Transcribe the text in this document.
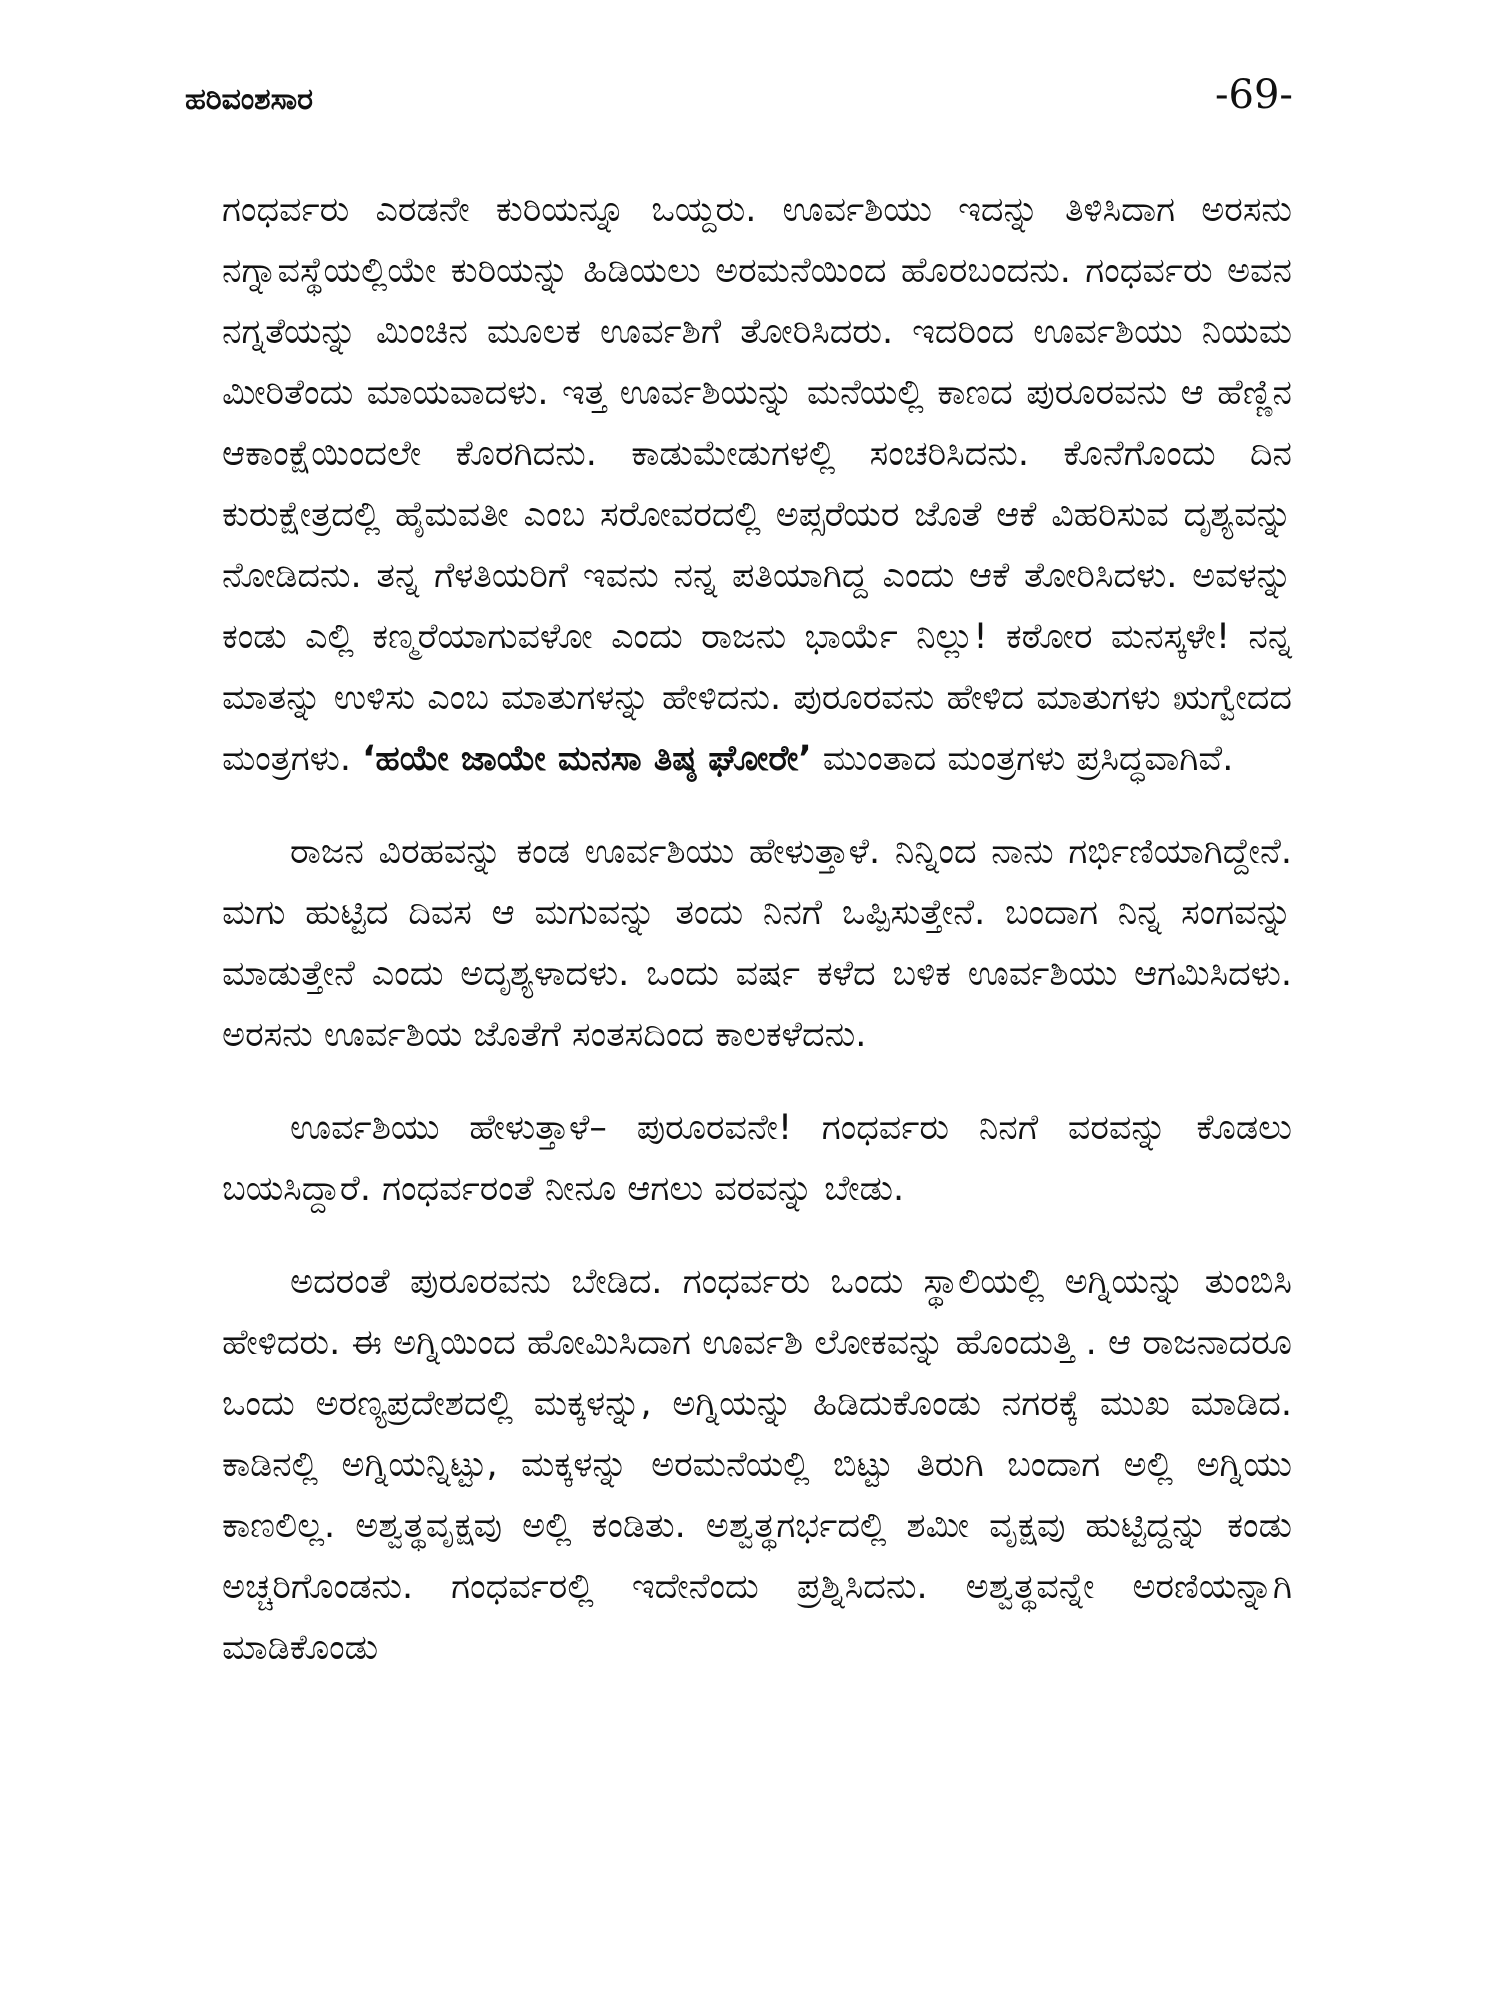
ಹರಿವಂಶಸಾರ	-69-

ಗಂಧರ್ವರು ಎರಡನೇ ಕುರಿಯನ್ನೂ ಒಯ್ದರು. ಊರ್ವಶಿಯು ಇದನ್ನು ತಿಳಿಸಿದಾಗ ಅರಸನು ನಗ್ನಾವಸ್ಥೆಯಲ್ಲಿಯೇ ಕುರಿಯನ್ನು ಹಿಡಿಯಲು ಅರಮನೆಯಿಂದ ಹೊರಬಂದನು. ಗಂಧರ್ವರು ಅವನ ನಗ್ನತೆಯನ್ನು ಮಿಂಚಿನ ಮೂಲಕ ಊರ್ವಶಿಗೆ ತೋರಿಸಿದರು. ಇದರಿಂದ ಊರ್ವಶಿಯು ನಿಯಮ ಮೀರಿತೆಂದು ಮಾಯವಾದಳು. ಇತ್ತ ಊರ್ವಶಿಯನ್ನು ಮನೆಯಲ್ಲಿ ಕಾಣದ ಪುರೂರವನು ಆ ಹೆಣ್ಣಿನ ಆಕಾಂಕ್ಷೆಯಿಂದಲೇ ಕೊರಗಿದನು. ಕಾಡುಮೇಡುಗಳಲ್ಲಿ ಸಂಚರಿಸಿದನು. ಕೊನೆಗೊಂದು ದಿನ ಕುರುಕ್ಷೇತ್ರದಲ್ಲಿ ಹೈಮವತೀ ಎಂಬ ಸರೋವರದಲ್ಲಿ ಅಪ್ಸರೆಯರ ಜೊತೆ ಆಕೆ ವಿಹರಿಸುವ ದೃಶ್ಯವನ್ನು ನೋಡಿದನು. ತನ್ನ ಗೆಳತಿಯರಿಗೆ ಇವನು ನನ್ನ ಪತಿಯಾಗಿದ್ದ ಎಂದು ಆಕೆ ತೋರಿಸಿದಳು. ಅವಳನ್ನು ಕಂಡು ಎಲ್ಲಿ ಕಣ್ಮರೆಯಾಗುವಳೋ ಎಂದು ರಾಜನು ಭಾರ್ಯೆ ನಿಲ್ಲು! ಕಠೋರ ಮನಸ್ಕಳೇ! ನನ್ನ ಮಾತನ್ನು ಉಳಿಸು ಎಂಬ ಮಾತುಗಳನ್ನು ಹೇಳಿದನು. ಪುರೂರವನು ಹೇಳಿದ ಮಾತುಗಳು ಋಗ್ವೇದದ ಮಂತ್ರಗಳು. ‘ಹಯೇ ಜಾಯೇ ಮನಸಾ ತಿಷ್ಠ ಘೋರೇ’ ಮುಂತಾದ ಮಂತ್ರಗಳು ಪ್ರಸಿದ್ಧವಾಗಿವೆ.

ರಾಜನ ವಿರಹವನ್ನು ಕಂಡ ಊರ್ವಶಿಯು ಹೇಳುತ್ತಾಳೆ. ನಿನ್ನಿಂದ ನಾನು ಗರ್ಭಿಣಿಯಾಗಿದ್ದೇನೆ. ಮಗು ಹುಟ್ಟಿದ ದಿವಸ ಆ ಮಗುವನ್ನು ತಂದು ನಿನಗೆ ಒಪ್ಪಿಸುತ್ತೇನೆ. ಬಂದಾಗ ನಿನ್ನ ಸಂಗವನ್ನು ಮಾಡುತ್ತೇನೆ ಎಂದು ಅದೃಶ್ಯಳಾದಳು. ಒಂದು ವರ್ಷ ಕಳೆದ ಬಳಿಕ ಊರ್ವಶಿಯು ಆಗಮಿಸಿದಳು. ಅರಸನು ಊರ್ವಶಿಯ ಜೊತೆಗೆ ಸಂತಸದಿಂದ ಕಾಲಕಳೆದನು.

ಊರ್ವಶಿಯು ಹೇಳುತ್ತಾಳೆ– ಪುರೂರವನೇ! ಗಂಧರ್ವರು ನಿನಗೆ ವರವನ್ನು ಕೊಡಲು ಬಯಸಿದ್ದಾರೆ. ಗಂಧರ್ವರಂತೆ ನೀನೂ ಆಗಲು ವರವನ್ನು ಬೇಡು.

ಅದರಂತೆ ಪುರೂರವನು ಬೇಡಿದ. ಗಂಧರ್ವರು ಒಂದು ಸ್ಥಾಲಿಯಲ್ಲಿ ಅಗ್ನಿಯನ್ನು ತುಂಬಿಸಿ ಹೇಳಿದರು. ಈ ಅಗ್ನಿಯಿಂದ ಹೋಮಿಸಿದಾಗ ಊರ್ವಶಿ ಲೋಕವನ್ನು ಹೊಂದುತ್ತಿ . ಆ ರಾಜನಾದರೂ ಒಂದು ಅರಣ್ಯಪ್ರದೇಶದಲ್ಲಿ ಮಕ್ಕಳನ್ನು, ಅಗ್ನಿಯನ್ನು ಹಿಡಿದುಕೊಂಡು ನಗರಕ್ಕೆ ಮುಖ ಮಾಡಿದ. ಕಾಡಿನಲ್ಲಿ ಅಗ್ನಿಯನ್ನಿಟ್ಟು, ಮಕ್ಕಳನ್ನು ಅರಮನೆಯಲ್ಲಿ ಬಿಟ್ಟು ತಿರುಗಿ ಬಂದಾಗ ಅಲ್ಲಿ ಅಗ್ನಿಯು ಕಾಣಲಿಲ್ಲ. ಅಶ್ವತ್ಥವೃಕ್ಷವು ಅಲ್ಲಿ ಕಂಡಿತು. ಅಶ್ವತ್ಥಗರ್ಭದಲ್ಲಿ ಶಮೀ ವೃಕ್ಷವು ಹುಟ್ಟಿದ್ದನ್ನು ಕಂಡು ಅಚ್ಚರಿಗೊಂಡನು. ಗಂಧರ್ವರಲ್ಲಿ ಇದೇನೆಂದು ಪ್ರಶ್ನಿಸಿದನು. ಅಶ್ವತ್ಥವನ್ನೇ ಅರಣಿಯನ್ನಾಗಿ ಮಾಡಿಕೊಂಡು
